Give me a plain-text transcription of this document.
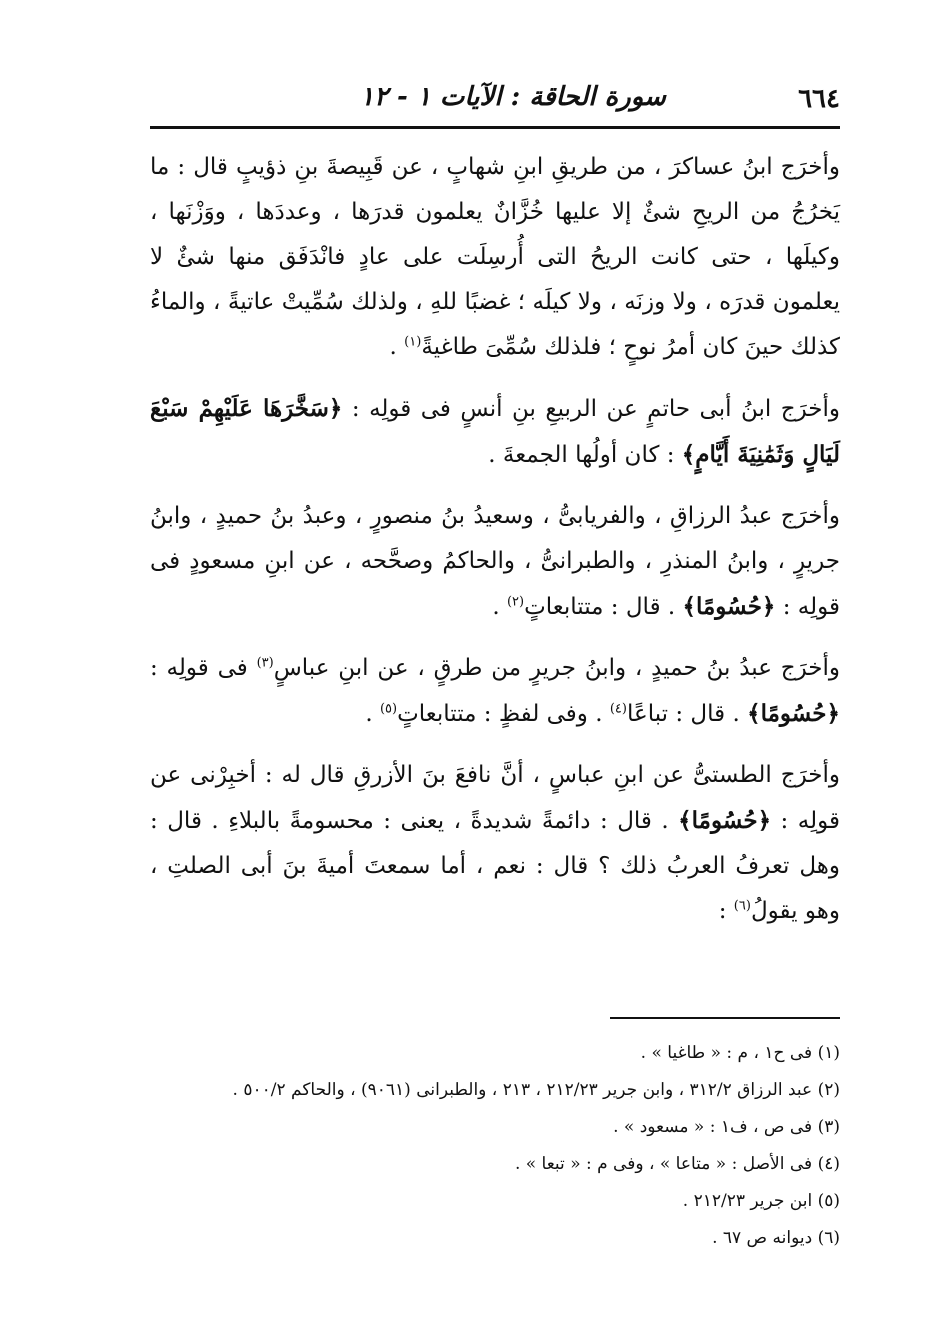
٦٦٤
سورة الحاقة : الآيات ١ - ١٢

وأخرَج ابنُ عساكرَ ، من طريقِ ابنِ شهابٍ ، عن قَبِيصةَ بنِ ذؤيبٍ قال : ما يَخرُجُ من الريحِ شئٌ إلا عليها خُزَّانٌ يعلمون قدرَها ، وعددَها ، ووَزْنَها ، وكيلَها ، حتى كانت الريحُ التى أُرسِلَت على عادٍ فانْدَفَق منها شئٌ لا يعلمون قدرَه ، ولا وزنَه ، ولا كيلَه ؛ غضبًا للهِ ، ولذلك سُمِّيتْ عاتيةً ، والماءُ كذلك حينَ كان أمرُ نوحٍ ؛ فلذلك سُمِّىَ طاغيةً$^{(١)}$ .

وأخرَج ابنُ أبى حاتمٍ عن الربيعِ بنِ أنسٍ فى قولِه : ﴿سَخَّرَهَا عَلَيْهِمْ سَبْعَ لَيَالٍ وَثَمَٰنِيَةَ أَيَّامٍ﴾ : كان أولُها الجمعةَ .

وأخرَج عبدُ الرزاقِ ، والفريابىُّ ، وسعيدُ بنُ منصورٍ ، وعبدُ بنُ حميدٍ ، وابنُ جريرٍ ، وابنُ المنذرِ ، والطبرانىُّ ، والحاكمُ وصحَّحه ، عن ابنِ مسعودٍ فى قولِه : ﴿حُسُومًا﴾ . قال : متتابعاتٍ$^{(٢)}$ .

وأخرَج عبدُ بنُ حميدٍ ، وابنُ جريرٍ من طرقٍ ، عن ابنِ عباسٍ$^{(٣)}$ فى قولِه : ﴿حُسُومًا﴾ . قال : تباعًا$^{(٤)}$ . وفى لفظٍ : متتابعاتٍ$^{(٥)}$ .

وأخرَج الطستىُّ عن ابنِ عباسٍ ، أنَّ نافعَ بنَ الأزرقِ قال له : أخبِرْنى عن قولِه : ﴿حُسُومًا﴾ . قال : دائمةً شديدةً ، يعنى : محسومةً بالبلاءِ . قال : وهل تعرفُ العربُ ذلك ؟ قال : نعم ، أما سمعتَ أميةَ بنَ أبى الصلتِ ، وهو يقولُ$^{(٦)}$ :

(١) فى ح١ ، م : « طاغيا » .

(٢) عبد الرزاق ٣١٢/٢ ، وابن جرير ٢١٢/٢٣ ، ٢١٣ ، والطبرانى (٩٠٦١) ، والحاكم ٥٠٠/٢ .

(٣) فى ص ، ف١ : « مسعود » .

(٤) فى الأصل : « متاعا » ، وفى م : « تبعا » .

(٥) ابن جرير ٢١٢/٢٣ .

(٦) ديوانه ص ٦٧ .
